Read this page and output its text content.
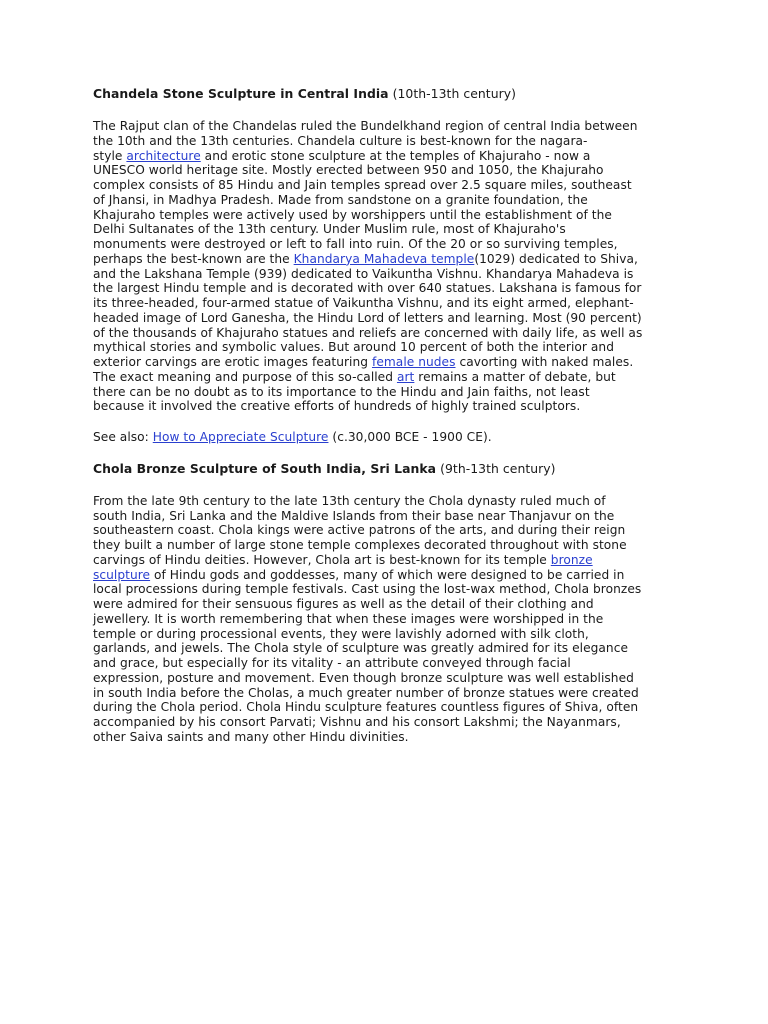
Chandela Stone Sculpture in Central India (10th-13th century)
The Rajput clan of the Chandelas ruled the Bundelkhand region of central India between
the 10th and the 13th centuries. Chandela culture is best-known for the nagara-
style architecture and erotic stone sculpture at the temples of Khajuraho - now a
UNESCO world heritage site. Mostly erected between 950 and 1050, the Khajuraho
complex consists of 85 Hindu and Jain temples spread over 2.5 square miles, southeast
of Jhansi, in Madhya Pradesh. Made from sandstone on a granite foundation, the
Khajuraho temples were actively used by worshippers until the establishment of the
Delhi Sultanates of the 13th century. Under Muslim rule, most of Khajuraho's
monuments were destroyed or left to fall into ruin. Of the 20 or so surviving temples,
perhaps the best-known are the Khandarya Mahadeva temple(1029) dedicated to Shiva,
and the Lakshana Temple (939) dedicated to Vaikuntha Vishnu. Khandarya Mahadeva is
the largest Hindu temple and is decorated with over 640 statues. Lakshana is famous for
its three-headed, four-armed statue of Vaikuntha Vishnu, and its eight armed, elephant-
headed image of Lord Ganesha, the Hindu Lord of letters and learning. Most (90 percent)
of the thousands of Khajuraho statues and reliefs are concerned with daily life, as well as
mythical stories and symbolic values. But around 10 percent of both the interior and
exterior carvings are erotic images featuring female nudes cavorting with naked males.
The exact meaning and purpose of this so-called art remains a matter of debate, but
there can be no doubt as to its importance to the Hindu and Jain faiths, not least
because it involved the creative efforts of hundreds of highly trained sculptors.
See also: How to Appreciate Sculpture (c.30,000 BCE - 1900 CE).
Chola Bronze Sculpture of South India, Sri Lanka (9th-13th century)
From the late 9th century to the late 13th century the Chola dynasty ruled much of
south India, Sri Lanka and the Maldive Islands from their base near Thanjavur on the
southeastern coast. Chola kings were active patrons of the arts, and during their reign
they built a number of large stone temple complexes decorated throughout with stone
carvings of Hindu deities. However, Chola art is best-known for its temple bronze
sculpture of Hindu gods and goddesses, many of which were designed to be carried in
local processions during temple festivals. Cast using the lost-wax method, Chola bronzes
were admired for their sensuous figures as well as the detail of their clothing and
jewellery. It is worth remembering that when these images were worshipped in the
temple or during processional events, they were lavishly adorned with silk cloth,
garlands, and jewels. The Chola style of sculpture was greatly admired for its elegance
and grace, but especially for its vitality - an attribute conveyed through facial
expression, posture and movement. Even though bronze sculpture was well established
in south India before the Cholas, a much greater number of bronze statues were created
during the Chola period. Chola Hindu sculpture features countless figures of Shiva, often
accompanied by his consort Parvati; Vishnu and his consort Lakshmi; the Nayanmars,
other Saiva saints and many other Hindu divinities.
